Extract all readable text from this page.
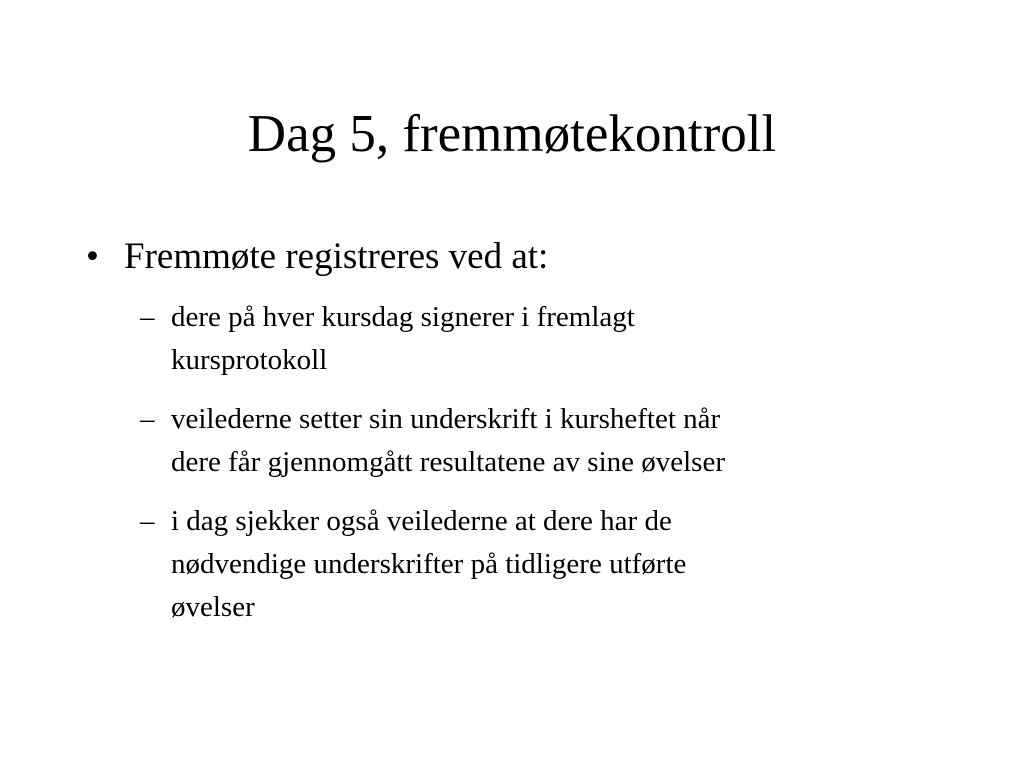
Dag 5, fremmøtekontroll
• Fremmøte registreres ved at:
– dere på hver kursdag signerer i fremlagt
kursprotokoll
– veilederne setter sin underskrift i kursheftet når
dere får gjennomgått resultatene av sine øvelser
– i dag sjekker også veilederne at dere har de
nødvendige underskrifter på tidligere utførte
øvelser
